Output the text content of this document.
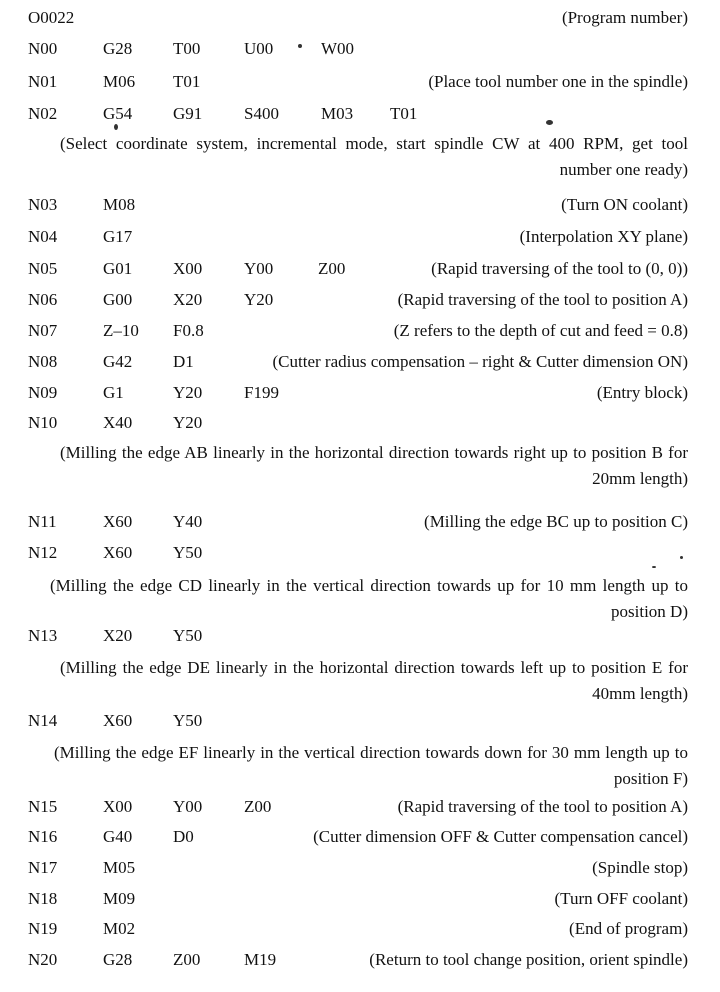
O0022	(Program number)
N00	G28 T00	U00	W00
N01	M06 T01	(Place tool number one in the spindle)
N02	G54 G91 S400 M03 T01
(Select coordinate system, incremental mode, start spindle CW at 400 RPM, get tool number one ready)
N03	M08	(Turn ON coolant)
N04	G17	(Interpolation XY plane)
N05	G01 X00 Y00	Z00	(Rapid traversing of the tool to (0, 0))
N06	G00 X20 Y20	(Rapid traversing of the tool to position A)
N07	Z–10 F0.8	(Z refers to the depth of cut and feed = 0.8)
N08	G42 D1	(Cutter radius compensation – right & Cutter dimension ON)
N09	G1	Y20 F199	(Entry block)
N10	X40 Y20
(Milling the edge AB linearly in the horizontal direction towards right up to position B for 20mm length)
N11	X60 Y40	(Milling the edge BC up to position C)
N12	X60 Y50
(Milling the edge CD linearly in the vertical direction towards up for 10 mm length up to position D)
N13	X20 Y50
(Milling the edge DE linearly in the horizontal direction towards left up to position E for 40mm length)
N14	X60 Y50
(Milling the edge EF linearly in the vertical direction towards down for 30 mm length up to position F)
N15	X00 Y00 Z00	(Rapid traversing of the tool to position A)
N16	G40 D0	(Cutter dimension OFF & Cutter compensation cancel)
N17	M05	(Spindle stop)
N18	M09	(Turn OFF coolant)
N19	M02	(End of program)
N20	G28 Z00	M19	(Return to tool change position, orient spindle)
